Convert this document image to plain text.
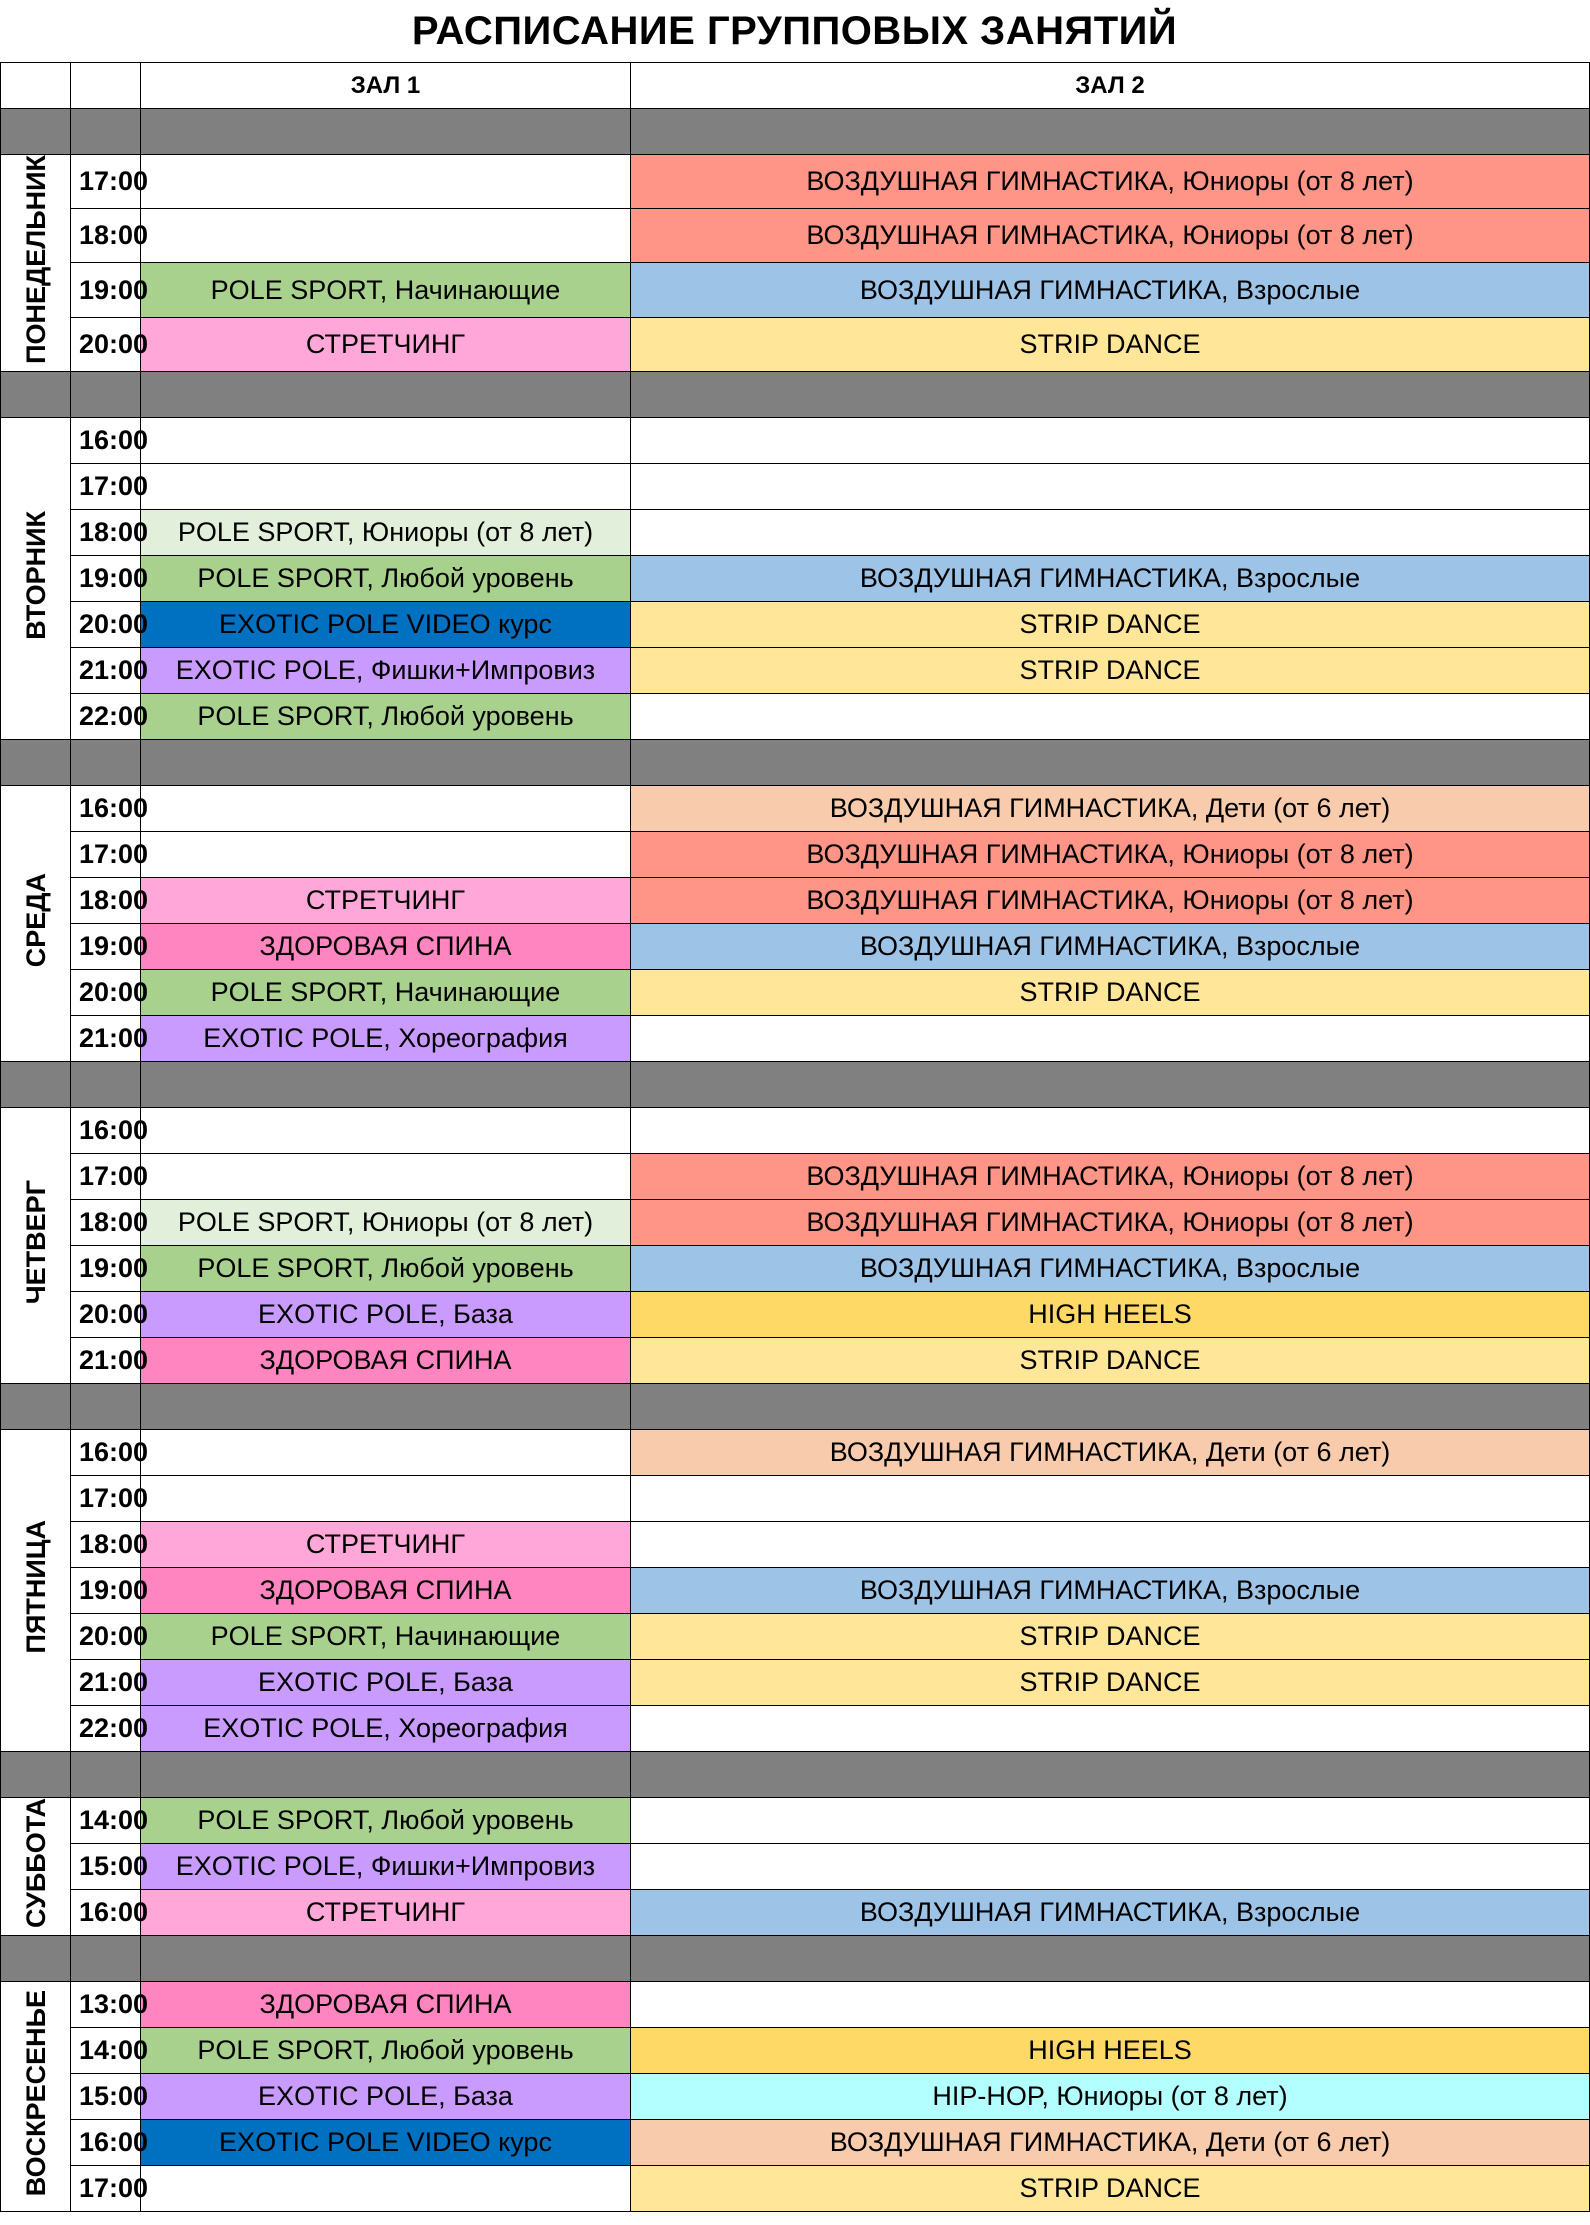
РАСПИСАНИЕ ГРУППОВЫХ ЗАНЯТИЙ
		ЗАЛ 1	ЗАЛ 2

ПОНЕДЕЛЬНИК	17:00		ВОЗДУШНАЯ ГИМНАСТИКА, Юниоры (от 8 лет)
	18:00		ВОЗДУШНАЯ ГИМНАСТИКА, Юниоры (от 8 лет)
	19:00	POLE SPORT, Начинающие	ВОЗДУШНАЯ ГИМНАСТИКА, Взрослые
	20:00	СТРЕТЧИНГ	STRIP DANCE

ВТОРНИК	16:00		
	17:00		
	18:00	POLE SPORT, Юниоры (от 8 лет)	
	19:00	POLE SPORT, Любой уровень	ВОЗДУШНАЯ ГИМНАСТИКА, Взрослые
	20:00	EXOTIC POLE VIDEO курс	STRIP DANCE
	21:00	EXOTIC POLE, Фишки+Импровиз	STRIP DANCE
	22:00	POLE SPORT, Любой уровень	

СРЕДА	16:00		ВОЗДУШНАЯ ГИМНАСТИКА, Дети (от 6 лет)
	17:00		ВОЗДУШНАЯ ГИМНАСТИКА, Юниоры (от 8 лет)
	18:00	СТРЕТЧИНГ	ВОЗДУШНАЯ ГИМНАСТИКА, Юниоры (от 8 лет)
	19:00	ЗДОРОВАЯ СПИНА	ВОЗДУШНАЯ ГИМНАСТИКА, Взрослые
	20:00	POLE SPORT, Начинающие	STRIP DANCE
	21:00	EXOTIC POLE, Хореография	

ЧЕТВЕРГ	16:00		
	17:00		ВОЗДУШНАЯ ГИМНАСТИКА, Юниоры (от 8 лет)
	18:00	POLE SPORT, Юниоры (от 8 лет)	ВОЗДУШНАЯ ГИМНАСТИКА, Юниоры (от 8 лет)
	19:00	POLE SPORT, Любой уровень	ВОЗДУШНАЯ ГИМНАСТИКА, Взрослые
	20:00	EXOTIC POLE, База	HIGH HEELS
	21:00	ЗДОРОВАЯ СПИНА	STRIP DANCE

ПЯТНИЦА	16:00		ВОЗДУШНАЯ ГИМНАСТИКА, Дети (от 6 лет)
	17:00		
	18:00	СТРЕТЧИНГ	
	19:00	ЗДОРОВАЯ СПИНА	ВОЗДУШНАЯ ГИМНАСТИКА, Взрослые
	20:00	POLE SPORT, Начинающие	STRIP DANCE
	21:00	EXOTIC POLE, База	STRIP DANCE
	22:00	EXOTIC POLE, Хореография	

СУББОТА	14:00	POLE SPORT, Любой уровень	
	15:00	EXOTIC POLE, Фишки+Импровиз	
	16:00	СТРЕТЧИНГ	ВОЗДУШНАЯ ГИМНАСТИКА, Взрослые

ВОСКРЕСЕНЬЕ	13:00	ЗДОРОВАЯ СПИНА	
	14:00	POLE SPORT, Любой уровень	HIGH HEELS
	15:00	EXOTIC POLE, База	HIP-HOP, Юниоры (от 8 лет)
	16:00	EXOTIC POLE VIDEO курс	ВОЗДУШНАЯ ГИМНАСТИКА, Дети (от 6 лет)
	17:00		STRIP DANCE
